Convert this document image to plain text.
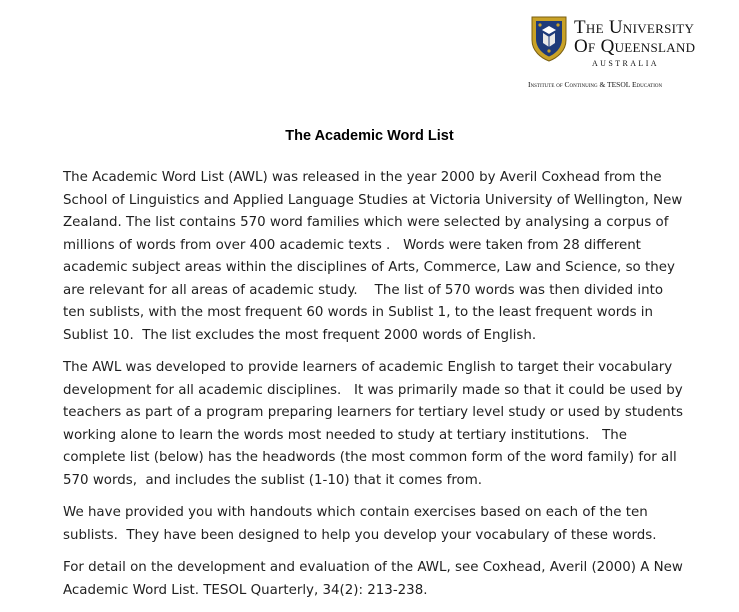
The University
Of Queensland
AUSTRALIA
Institute of Continuing & TESOL Education
The Academic Word List

The Academic Word List (AWL) was released in the year 2000 by Averil Coxhead from the
School of Linguistics and Applied Language Studies at Victoria University of Wellington, New
Zealand. The list contains 570 word families which were selected by analysing a corpus of
millions of words from over 400 academic texts .   Words were taken from 28 different
academic subject areas within the disciplines of Arts, Commerce, Law and Science, so they
are relevant for all areas of academic study.    The list of 570 words was then divided into
ten sublists, with the most frequent 60 words in Sublist 1, to the least frequent words in
Sublist 10.  The list excludes the most frequent 2000 words of English.

The AWL was developed to provide learners of academic English to target their vocabulary
development for all academic disciplines.   It was primarily made so that it could be used by
teachers as part of a program preparing learners for tertiary level study or used by students
working alone to learn the words most needed to study at tertiary institutions.   The
complete list (below) has the headwords (the most common form of the word family) for all
570 words,  and includes the sublist (1-10) that it comes from.

We have provided you with handouts which contain exercises based on each of the ten
sublists.  They have been designed to help you develop your vocabulary of these words.

For detail on the development and evaluation of the AWL, see Coxhead, Averil (2000) A New
Academic Word List. TESOL Quarterly, 34(2): 213-238.
